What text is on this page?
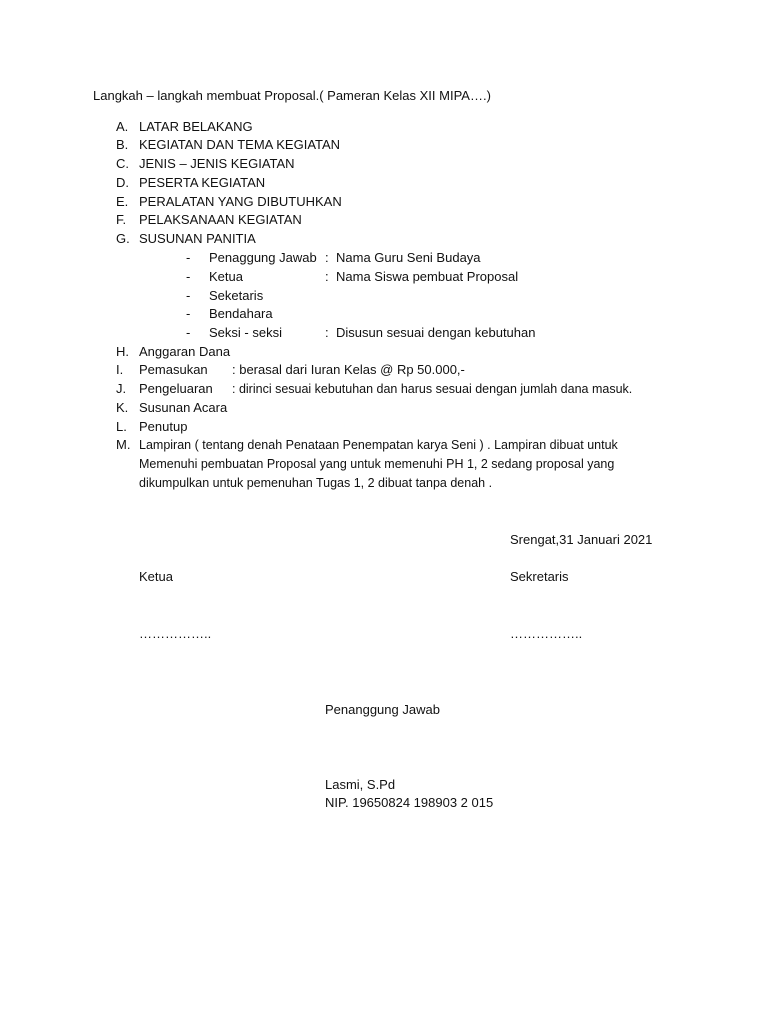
Langkah – langkah membuat Proposal.( Pameran Kelas XII MIPA….)
A. LATAR BELAKANG
B. KEGIATAN DAN TEMA KEGIATAN
C. JENIS – JENIS KEGIATAN
D. PESERTA KEGIATAN
E. PERALATAN YANG DIBUTUHKAN
F. PELAKSANAAN KEGIATAN
G. SUSUNAN PANITIA
- Penaggung Jawab : Nama Guru Seni Budaya
- Ketua	: Nama Siswa pembuat Proposal
- Seketaris
- Bendahara
- Seksi - seksi	: Disusun sesuai dengan kebutuhan
H. Anggaran Dana
I. Pemasukan : berasal dari Iuran Kelas @ Rp 50.000,-
J. Pengeluaran : dirinci sesuai kebutuhan dan harus sesuai dengan jumlah dana masuk.
K. Susunan Acara
L. Penutup
M. Lampiran ( tentang denah Penataan Penempatan karya Seni ) . Lampiran dibuat untuk
Memenuhi pembuatan Proposal yang untuk memenuhi PH 1, 2 sedang proposal yang
dikumpulkan untuk pemenuhan Tugas 1, 2 dibuat tanpa denah .
Srengat,31 Januari 2021
Ketua	Sekretaris
……………..	……………..
Penanggung Jawab
Lasmi, S.Pd
NIP. 19650824 198903 2 015
